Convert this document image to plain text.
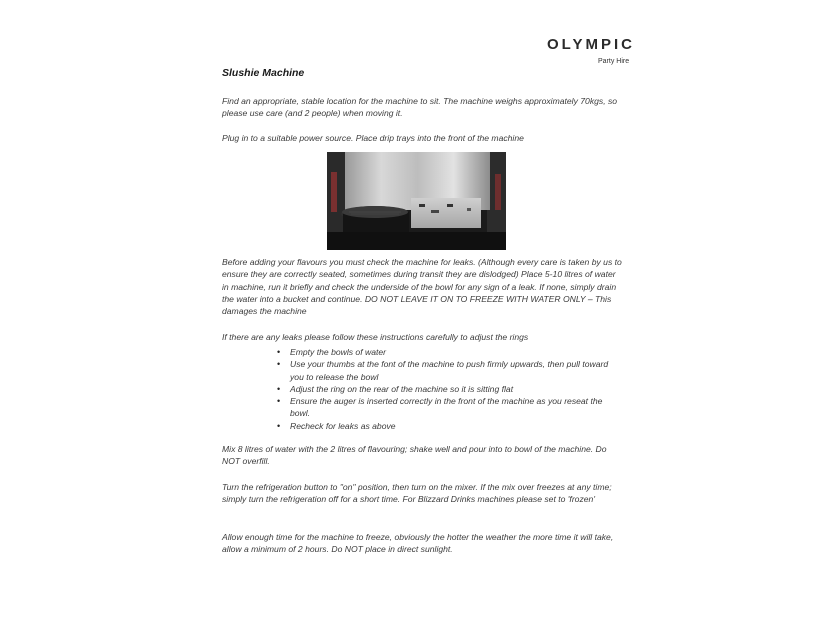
OLYMPIC
Party Hire
Slushie Machine

Find an appropriate, stable location for the machine to sit. The machine weighs approximately 70kgs, so please use care (and 2 people) when moving it.

Plug in to a suitable power source. Place drip trays into the front of the machine

Before adding your flavours you must check the machine for leaks. (Although every care is taken by us to ensure they are correctly seated, sometimes during transit they are dislodged) Place 5-10 litres of water in machine, run it briefly and check the underside of the bowl for any sign of a leak. If none, simply drain the water into a bucket and continue. DO NOT LEAVE IT ON TO FREEZE WITH WATER ONLY – This damages the machine

If there are any leaks please follow these instructions carefully to adjust the rings

• Empty the bowls of water
• Use your thumbs at the font of the machine to push firmly upwards, then pull toward you to release the bowl
• Adjust the ring on the rear of the machine so it is sitting flat
• Ensure the auger is inserted correctly in the front of the machine as you reseat the bowl.
• Recheck for leaks as above

Mix 8 litres of water with the 2 litres of flavouring; shake well and pour into to bowl of the machine. Do NOT overfill.

Turn the refrigeration button to "on" position, then turn on the mixer. If the mix over freezes at any time; simply turn the refrigeration off for a short time. For Blizzard Drinks machines please set to 'frozen'

Allow enough time for the machine to freeze, obviously the hotter the weather the more time it will take, allow a minimum of 2 hours. Do NOT place in direct sunlight.
